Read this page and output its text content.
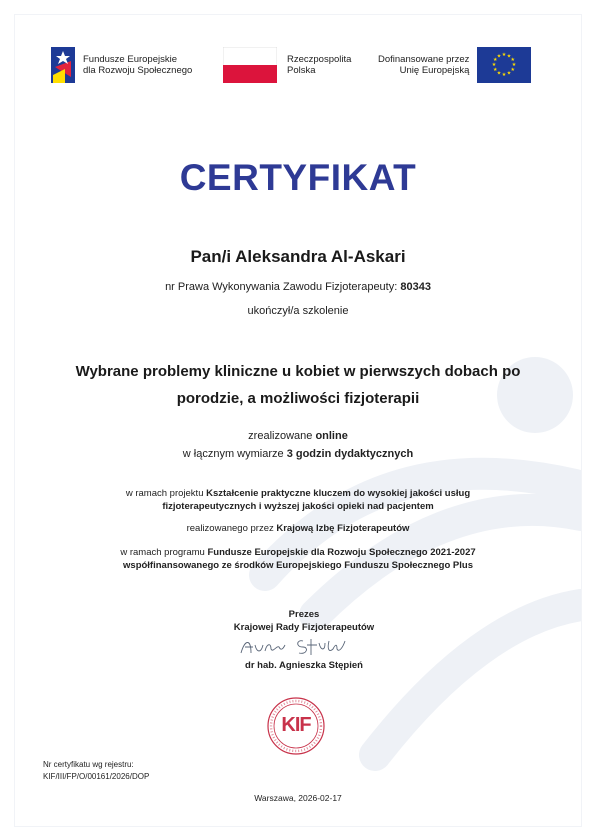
Fundusze Europejskie
dla Rozwoju Społecznego
Rzeczpospolita
Polska
Dofinansowane przez
Unię Europejską
★ ★
★
★
★
★
★
★
★
★
★
★
CERTYFIKAT
Pan/i Aleksandra Al-Askari
nr Prawa Wykonywania Zawodu Fizjoterapeuty: 80343
ukończył/a szkolenie
Wybrane problemy kliniczne u kobiet w pierwszych dobach po
porodzie, a możliwości fizjoterapii
zrealizowane online
w łącznym wymiarze 3 godzin dydaktycznych
w ramach projektu Kształcenie praktyczne kluczem do wysokiej jakości usług
fizjoterapeutycznych i wyższej jakości opieki nad pacjentem
realizowanego przez Krajową Izbę Fizjoterapeutów
w ramach programu Fundusze Europejskie dla Rozwoju Społecznego 2021-2027
współfinansowanego ze środków Europejskiego Funduszu Społecznego Plus
Prezes
Krajowej Rady Fizjoterapeutów
dr hab. Agnieszka Stępień
KIF
Nr certyfikatu wg rejestru:
KIF/III/FP/O/00161/2026/DOP
Warszawa, 2026-02-17
